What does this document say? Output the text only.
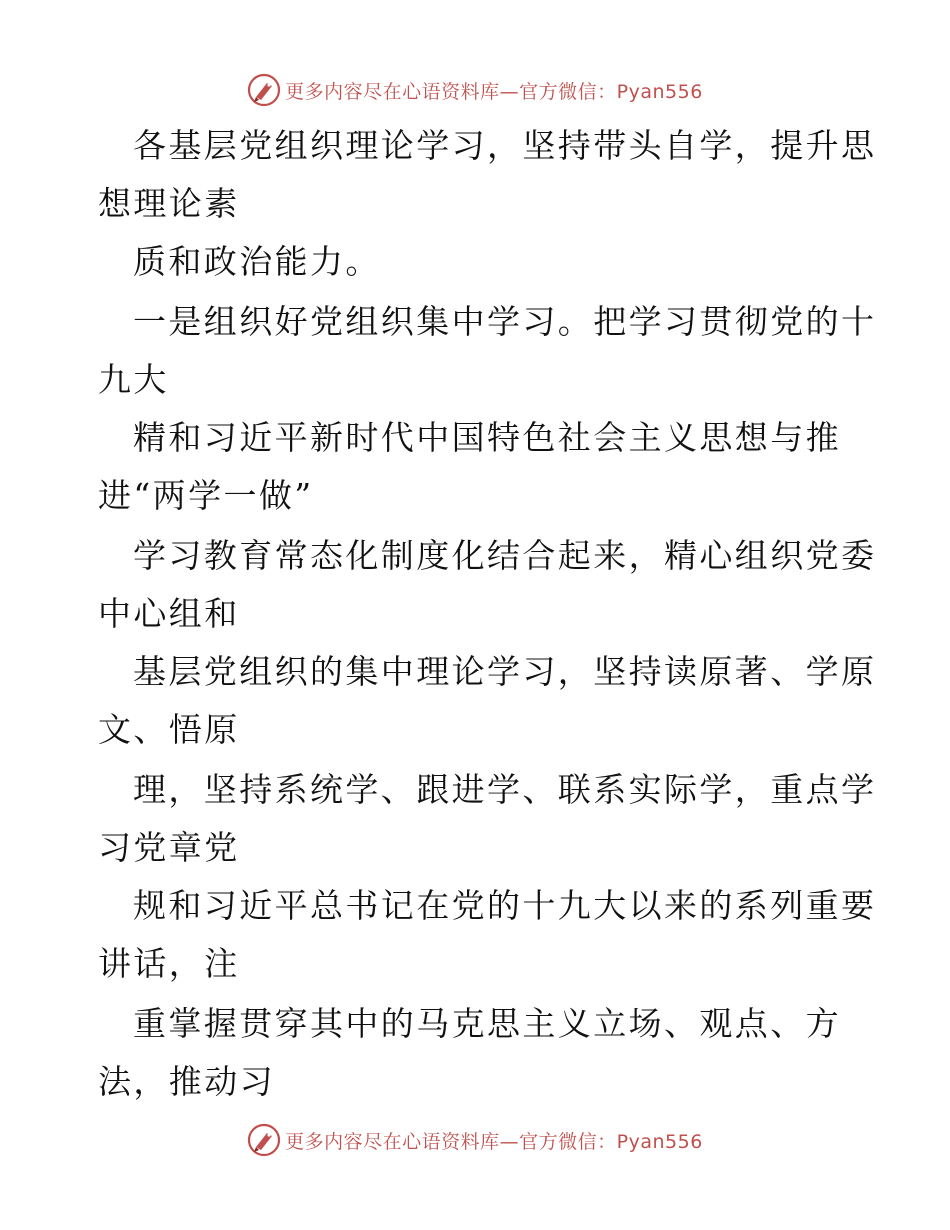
更多内容尽在心语资料库—官方微信：Pyan556
各基层党组织理论学习，坚持带头自学，提升思
想理论素
质和政治能力。
一是组织好党组织集中学习。把学习贯彻党的十
九大
精和习近平新时代中国特色社会主义思想与推
进“两学一做”
学习教育常态化制度化结合起来，精心组织党委
中心组和
基层党组织的集中理论学习，坚持读原著、学原
文、悟原
理，坚持系统学、跟进学、联系实际学，重点学
习党章党
规和习近平总书记在党的十九大以来的系列重要
讲话，注
重掌握贯穿其中的马克思主义立场、观点、方
法，推动习
更多内容尽在心语资料库—官方微信：Pyan556
